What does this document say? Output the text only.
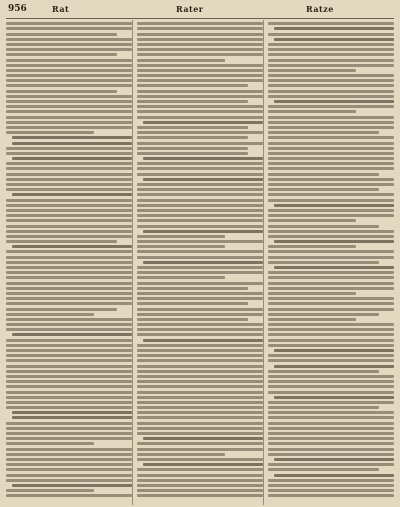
956	Rat	Rater	Ratze
